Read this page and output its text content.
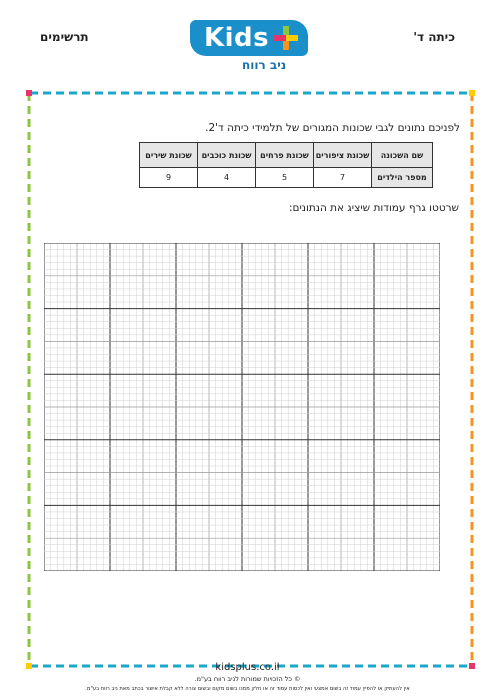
תרשימים	כיתה ד'
Kids
ניב רווח
לפניכם נתונים לגבי שכונות המגורים של תלמידי כיתה ד'2.
שם השכונה	שכונת ציפורים	שכונת פרחים	שכונת כוכבים	שכונת שירים
מספר הילדים	7	5	4	9
שרטטו גרף עמודות שיציג את הנתונים:
kidsplus.co.il
© כל הזכויות שמורות לניב רווח בע"מ.
אין להעתיק או להפיץ עמוד זה בשום אמצעי ואין לכסות עמוד זה או חלק ממנו בשום מקום ובשום צורה ללא קבלת אישור בכתב מאת ניב רווח בע"מ.
